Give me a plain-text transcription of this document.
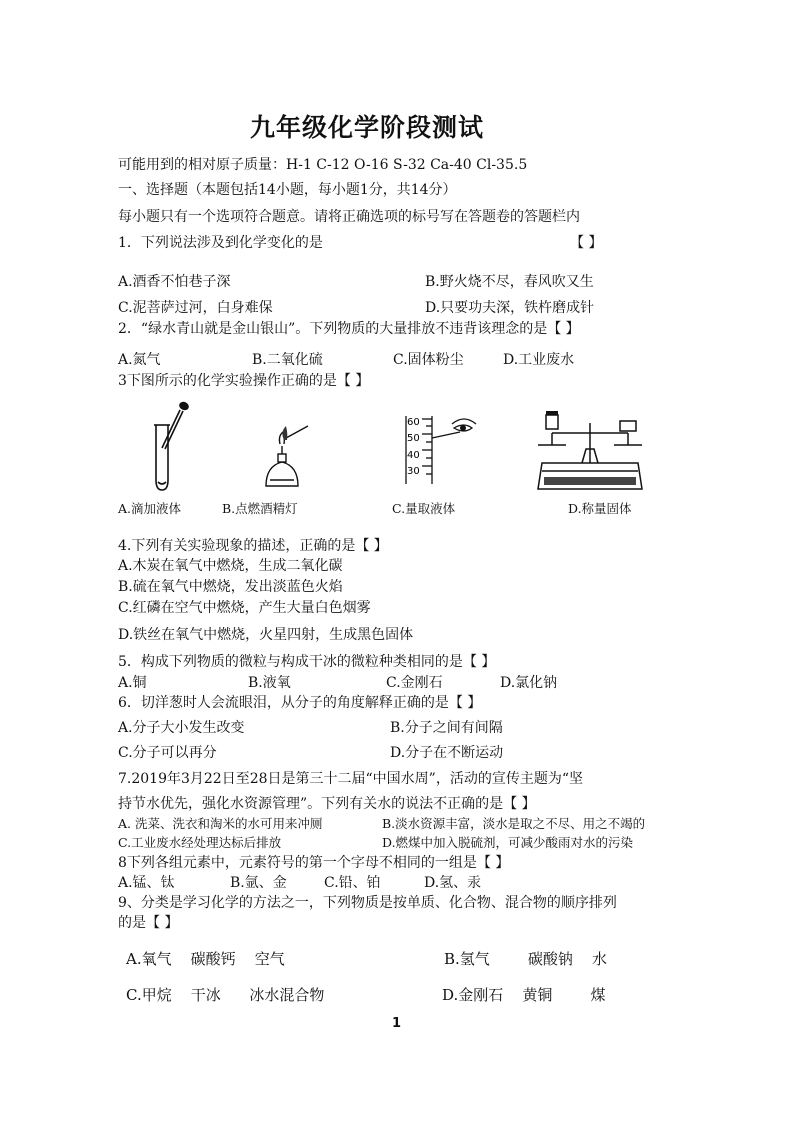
九年级化学阶段测试
可能用到的相对原子质量：H-1 C-12 O-16 S-32 Ca-40 Cl-35.5
一、选择题（本题包括14小题，每小题1分，共14分）
每小题只有一个选项符合题意。请将正确选项的标号写在答题卷的答题栏内
1．下列说法涉及到化学变化的是	【 】
A.酒香不怕巷子深	B.野火烧不尽，春风吹又生
C.泥菩萨过河，白身难保	D.只要功夫深，铁杵磨成针
2．“绿水青山就是金山银山”。下列物质的大量排放不违背该理念的是【 】
A.氮气	B.二氧化硫	C.固体粉尘	D.工业废水
3下图所示的化学实验操作正确的是【 】
60
50
40
30
A.滴加液体	B.点燃酒精灯	C.量取液体	D.称量固体
4.下列有关实验现象的描述，正确的是【 】
A.木炭在氧气中燃烧，生成二氧化碳
B.硫在氧气中燃烧，发出淡蓝色火焰
C.红磷在空气中燃烧，产生大量白色烟雾
D.铁丝在氧气中燃烧，火星四射，生成黑色固体
5．构成下列物质的微粒与构成干冰的微粒种类相同的是【 】
A.铜	B.液氧	C.金刚石	D.氯化钠
6．切洋葱时人会流眼泪，从分子的角度解释正确的是【 】
A.分子大小发生改变	B.分子之间有间隔
C.分子可以再分	D.分子在不断运动
7.2019年3月22日至28日是第三十二届“中国水周”，活动的宣传主题为“坚
持节水优先，强化水资源管理”。下列有关水的说法不正确的是【 】
A. 洗菜、洗衣和淘米的水可用来冲厕	B.淡水资源丰富，淡水是取之不尽、用之不竭的
C.工业废水经处理达标后排放	D.燃煤中加入脱硫剂，可减少酸雨对水的污染
8下列各组元素中，元素符号的第一个字母不相同的一组是【 】
A.锰、钛	B.氩、金	C.铅、铂	D.氢、汞
9、分类是学习化学的方法之一，下列物质是按单质、化合物、混合物的顺序排列
的是【 】
A.氧气    碳酸钙    空气	B.氢气        碳酸钠    水
C.甲烷    干冰      冰水混合物	D.金刚石    黄铜        煤
1
